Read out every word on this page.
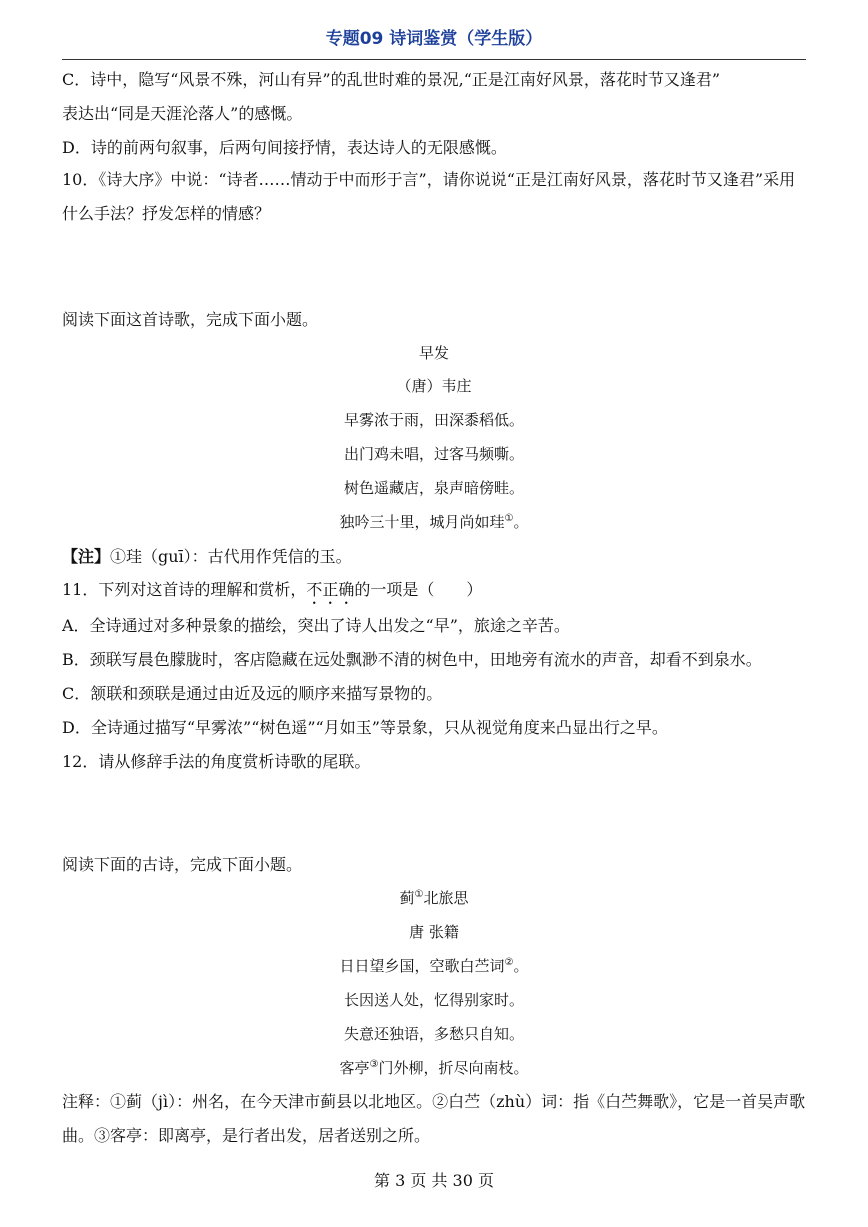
专题09 诗词鉴赏（学生版）
C．诗中，隐写“风景不殊，河山有异”的乱世时难的景况,“正是江南好风景，落花时节又逢君”
表达出“同是天涯沦落人”的感慨。
D．诗的前两句叙事，后两句间接抒情，表达诗人的无限感慨。
10．《诗大序》中说：“诗者……情动于中而形于言”，请你说说“正是江南好风景，落花时节又逢君”采用什么手法？抒发怎样的情感？
阅读下面这首诗歌，完成下面小题。
早发
（唐）韦庄
早雾浓于雨，田深黍稻低。
出门鸡未唱，过客马频嘶。
树色遥藏店，泉声暗傍畦。
独吟三十里，城月尚如珪①。
【注】①珪（guī）：古代用作凭信的玉。
11．下列对这首诗的理解和赏析，不正确的一项是（　　）
A．全诗通过对多种景象的描绘，突出了诗人出发之“早”，旅途之辛苦。
B．颈联写晨色朦胧时，客店隐藏在远处飘渺不清的树色中，田地旁有流水的声音，却看不到泉水。
C．颔联和颈联是通过由近及远的顺序来描写景物的。
D．全诗通过描写“早雾浓”“树色遥”“月如玉”等景象，只从视觉角度来凸显出行之早。
12．请从修辞手法的角度赏析诗歌的尾联。
阅读下面的古诗，完成下面小题。
蓟①北旅思
唐 张籍
日日望乡国，空歌白苎词②。
长因送人处，忆得别家时。
失意还独语，多愁只自知。
客亭③门外柳，折尽向南枝。
注释：①蓟（jì）：州名，在今天津市蓟县以北地区。②白苎（zhù）词：指《白苎舞歌》，它是一首吴声歌曲。③客亭：即离亭，是行者出发，居者送别之所。
第 3 页 共 30 页
